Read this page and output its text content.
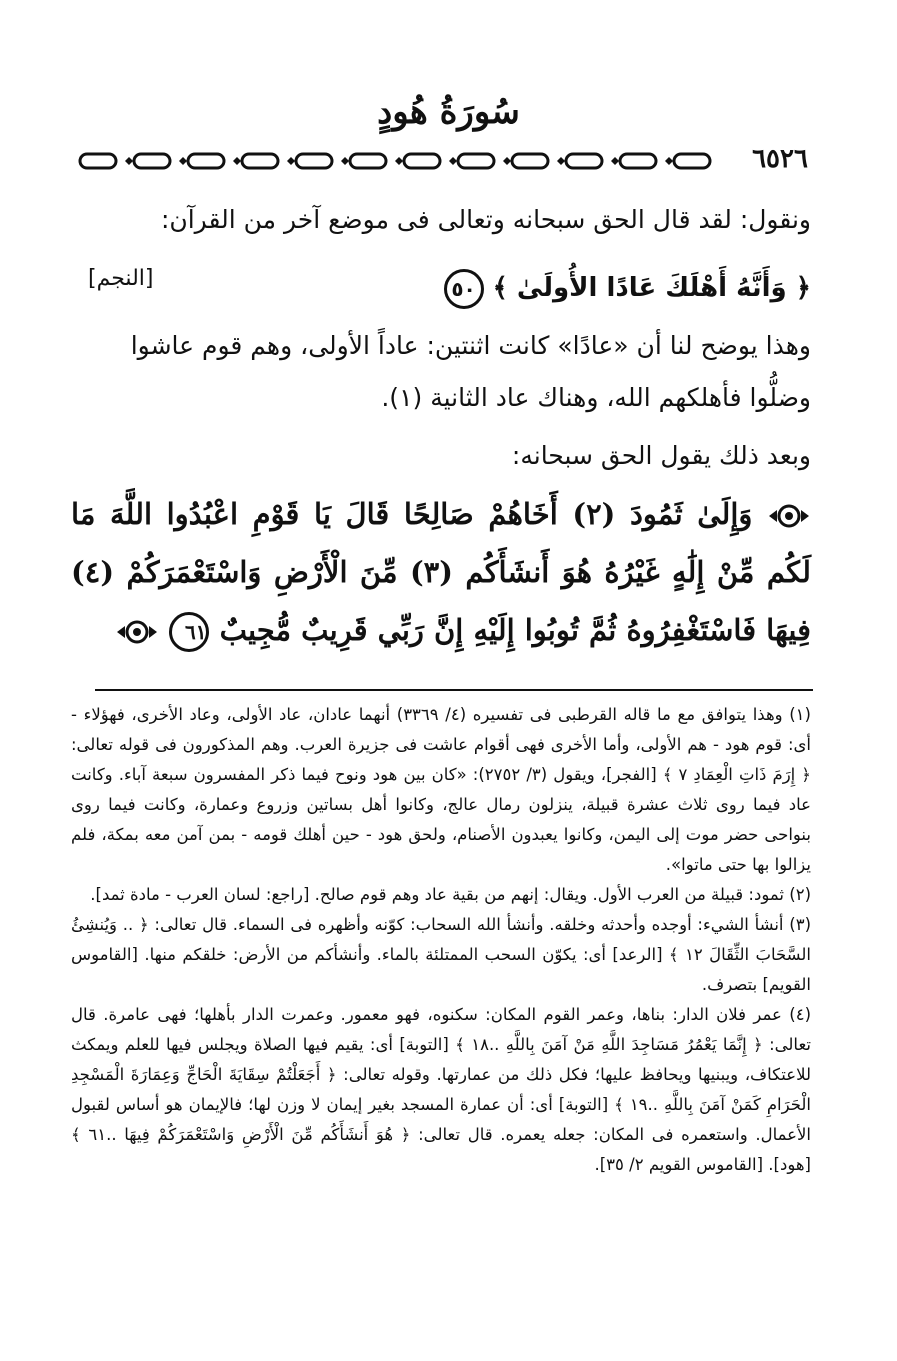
سُورَةُ هُودٍ
٦٥٢٦
ونقول: لقد قال الحق سبحانه وتعالى فى موضع آخر من القرآن:
﴿ وَأَنَّهُ أَهْلَكَ عَادًا الأُولَىٰ ﴾ ٥٠
[النجم]
وهذا يوضح لنا أن «عادًا» كانت اثنتين: عاداً الأولى، وهم قوم عاشوا وضلُّوا فأهلكهم الله، وهناك عاد الثانية (١).
وبعد ذلك يقول الحق سبحانه:
وَإِلَىٰ ثَمُودَ (٢) أَخَاهُمْ صَالِحًا قَالَ يَا قَوْمِ اعْبُدُوا اللَّهَ مَا لَكُم مِّنْ إِلَٰهٍ غَيْرُهُ هُوَ أَنشَأَكُم (٣) مِّنَ الْأَرْضِ وَاسْتَعْمَرَكُمْ (٤) فِيهَا فَاسْتَغْفِرُوهُ ثُمَّ تُوبُوا إِلَيْهِ إِنَّ رَبِّي قَرِيبٌ مُّجِيبٌ ٦١

(١) وهذا يتوافق مع ما قاله القرطبى فى تفسيره (٤/ ٣٣٦٩) أنهما عادان، عاد الأولى، وعاد الأخرى، فهؤلاء - أى: قوم هود - هم الأولى، وأما الأخرى فهى أقوام عاشت فى جزيرة العرب. وهم المذكورون فى قوله تعالى: ﴿ إِرَمَ ذَاتِ الْعِمَادِ ٧ ﴾ [الفجر]، ويقول (٣/ ٢٧٥٢): «كان بين هود ونوح فيما ذكر المفسرون سبعة آباء. وكانت عاد فيما روى ثلاث عشرة قبيلة، ينزلون رمال عالج، وكانوا أهل بساتين وزروع وعمارة، وكانت فيما روى بنواحى حضر موت إلى اليمن، وكانوا يعبدون الأصنام، ولحق هود - حين أهلك قومه - بمن آمن معه بمكة، فلم يزالوا بها حتى ماتوا».

(٢) ثمود: قبيلة من العرب الأول. ويقال: إنهم من بقية عاد وهم قوم صالح. [راجع: لسان العرب - مادة ثمد].

(٣) أنشأ الشيء: أوجده وأحدثه وخلقه. وأنشأ الله السحاب: كوّنه وأظهره فى السماء. قال تعالى: ﴿ .. وَيُنشِئُ السَّحَابَ الثِّقَالَ ١٢ ﴾ [الرعد] أى: يكوّن السحب الممتلئة بالماء. وأنشأكم من الأرض: خلقكم منها. [القاموس القويم] بتصرف.

(٤) عمر فلان الدار: بناها، وعمر القوم المكان: سكنوه، فهو معمور. وعمرت الدار بأهلها؛ فهى عامرة. قال تعالى: ﴿ إِنَّمَا يَعْمُرُ مَسَاجِدَ اللَّهِ مَنْ آمَنَ بِاللَّهِ ..١٨ ﴾ [التوبة] أى: يقيم فيها الصلاة ويجلس فيها للعلم ويمكث للاعتكاف، ويبنيها ويحافظ عليها؛ فكل ذلك من عمارتها. وقوله تعالى: ﴿ أَجَعَلْتُمْ سِقَايَةَ الْحَاجِّ وَعِمَارَةَ الْمَسْجِدِ الْحَرَامِ كَمَنْ آمَنَ بِاللَّهِ ..١٩ ﴾ [التوبة] أى: أن عمارة المسجد بغير إيمان لا وزن لها؛ فالإيمان هو أساس لقبول الأعمال. واستعمره فى المكان: جعله يعمره. قال تعالى: ﴿ هُوَ أَنشَأَكُم مِّنَ الْأَرْضِ وَاسْتَعْمَرَكُمْ فِيهَا ..٦١ ﴾ [هود]. [القاموس القويم ٢/ ٣٥].
